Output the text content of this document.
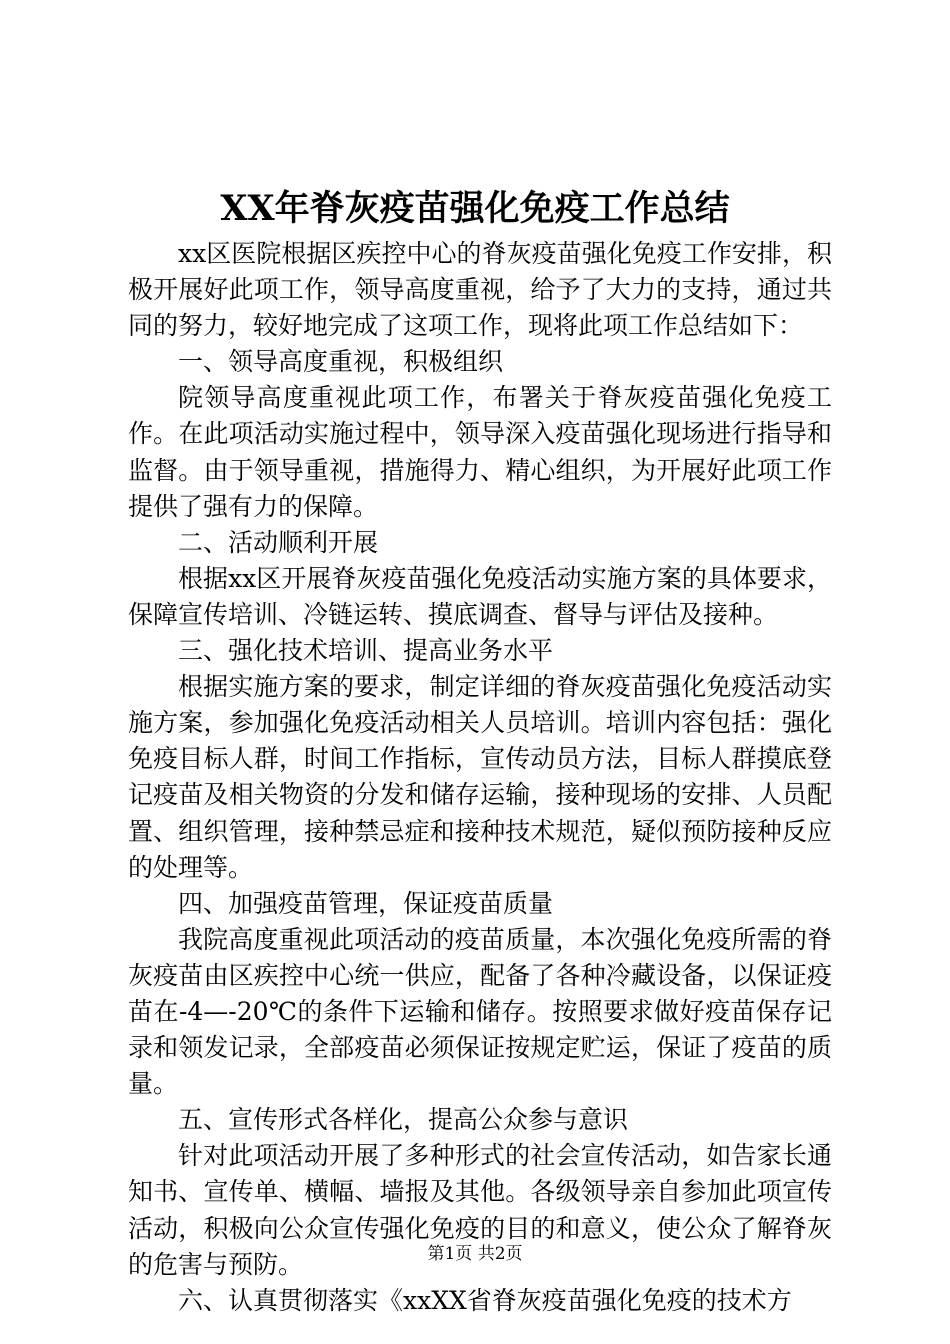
XX年脊灰疫苗强化免疫工作总结

xx区医院根据区疾控中心的脊灰疫苗强化免疫工作安排，积极开展好此项工作，领导高度重视，给予了大力的支持，通过共同的努力，较好地完成了这项工作，现将此项工作总结如下：

一、领导高度重视，积极组织

院领导高度重视此项工作，布署关于脊灰疫苗强化免疫工作。在此项活动实施过程中，领导深入疫苗强化现场进行指导和监督。由于领导重视，措施得力、精心组织，为开展好此项工作提供了强有力的保障。

二、活动顺利开展

根据xx区开展脊灰疫苗强化免疫活动实施方案的具体要求，保障宣传培训、冷链运转、摸底调查、督导与评估及接种。

三、强化技术培训、提高业务水平

根据实施方案的要求，制定详细的脊灰疫苗强化免疫活动实施方案，参加强化免疫活动相关人员培训。培训内容包括：强化免疫目标人群，时间工作指标，宣传动员方法，目标人群摸底登记疫苗及相关物资的分发和储存运输，接种现场的安排、人员配置、组织管理，接种禁忌症和接种技术规范，疑似预防接种反应的处理等。

四、加强疫苗管理，保证疫苗质量

我院高度重视此项活动的疫苗质量，本次强化免疫所需的脊灰疫苗由区疾控中心统一供应，配备了各种冷藏设备，以保证疫苗在-4—-20℃的条件下运输和储存。按照要求做好疫苗保存记录和领发记录，全部疫苗必须保证按规定贮运，保证了疫苗的质量。

五、宣传形式各样化，提高公众参与意识

针对此项活动开展了多种形式的社会宣传活动，如告家长通知书、宣传单、横幅、墙报及其他。各级领导亲自参加此项宣传活动，积极向公众宣传强化免疫的目的和意义，使公众了解脊灰的危害与预防。

六、认真贯彻落实《xxXX省脊灰疫苗强化免疫的技术方

第1页 共2页
